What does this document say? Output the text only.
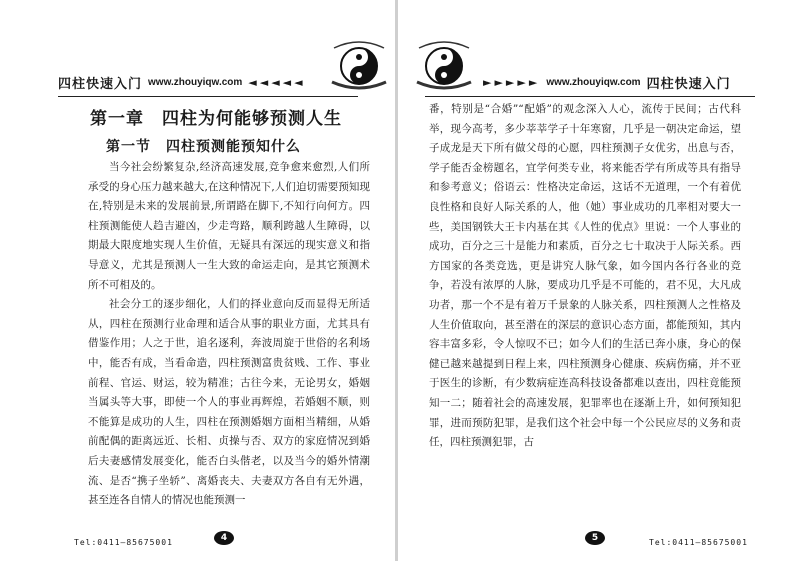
四柱快速入门 www.zhouyiqw.com ◄◄◄◄◄
第一章　四柱为何能够预测人生
第一节　四柱预测能预知什么

当今社会纷繁复杂,经济高速发展,竞争愈来愈烈,人们所承受的身心压力越来越大,在这种情况下,人们迫切需要预知现在,特别是未来的发展前景,所谓路在脚下,不知行向何方。四柱预测能使人趋吉避凶，少走弯路，顺利跨越人生障碍，以期最大限度地实现人生价值，无疑具有深远的现实意义和指导意义，尤其是预测人一生大致的命运走向，是其它预测术所不可相及的。

社会分工的逐步细化，人们的择业意向反而显得无所适从，四柱在预测行业命理和适合从事的职业方面，尤其具有借鉴作用；人之于世，追名逐利，奔波周旋于世俗的名利场中，能否有成，当看命造，四柱预测富贵贫贱、工作、事业前程、官运、财运，较为精准；古往今来，无论男女，婚姻当属头等大事，即使一个人的事业再辉煌，若婚姻不顺，则不能算是成功的人生，四柱在预测婚姻方面相当精细，从婚前配偶的距离远近、长相、贞操与否、双方的家庭情况到婚后夫妻感情发展变化，能否白头偕老，以及当今的婚外情潮流、是否“携子坐轿”、离婚丧夫、夫妻双方各自有无外遇，甚至连各自情人的情况也能预测一

Tel:0411—85675001	4
►►►►► www.zhouyiqw.com 四柱快速入门

番，特别是“合婚”“配婚”的观念深入人心，流传于民间；古代科举，现今高考，多少莘莘学子十年寒窗，几乎是一朝决定命运，望子成龙是天下所有做父母的心愿，四柱预测子女优劣，出息与否，学子能否金榜题名，宜学何类专业，将来能否学有所成等具有指导和参考意义；俗语云：性格决定命运，这话不无道理，一个有着优良性格和良好人际关系的人，他（她）事业成功的几率相对要大一些，美国钢铁大王卡内基在其《人性的优点》里说：一个人事业的成功，百分之三十是能力和素质，百分之七十取决于人际关系。西方国家的各类竞选，更是讲究人脉气象，如今国内各行各业的竞争，若没有浓厚的人脉，要成功几乎是不可能的，君不见，大凡成功者，那一个不是有着万千景象的人脉关系，四柱预测人之性格及人生价值取向，甚至潜在的深层的意识心态方面，都能预知，其内容丰富多彩，令人惊叹不已；如今人们的生活已奔小康，身心的保健已越来越提到日程上来，四柱预测身心健康、疾病伤痛，并不亚于医生的诊断，有少数病症连高科技设备都难以查出，四柱竟能预知一二；随着社会的高速发展，犯罪率也在逐渐上升，如何预知犯罪，进而预防犯罪，是我们这个社会中每一个公民应尽的义务和责任，四柱预测犯罪，古

5	Tel:0411—85675001
